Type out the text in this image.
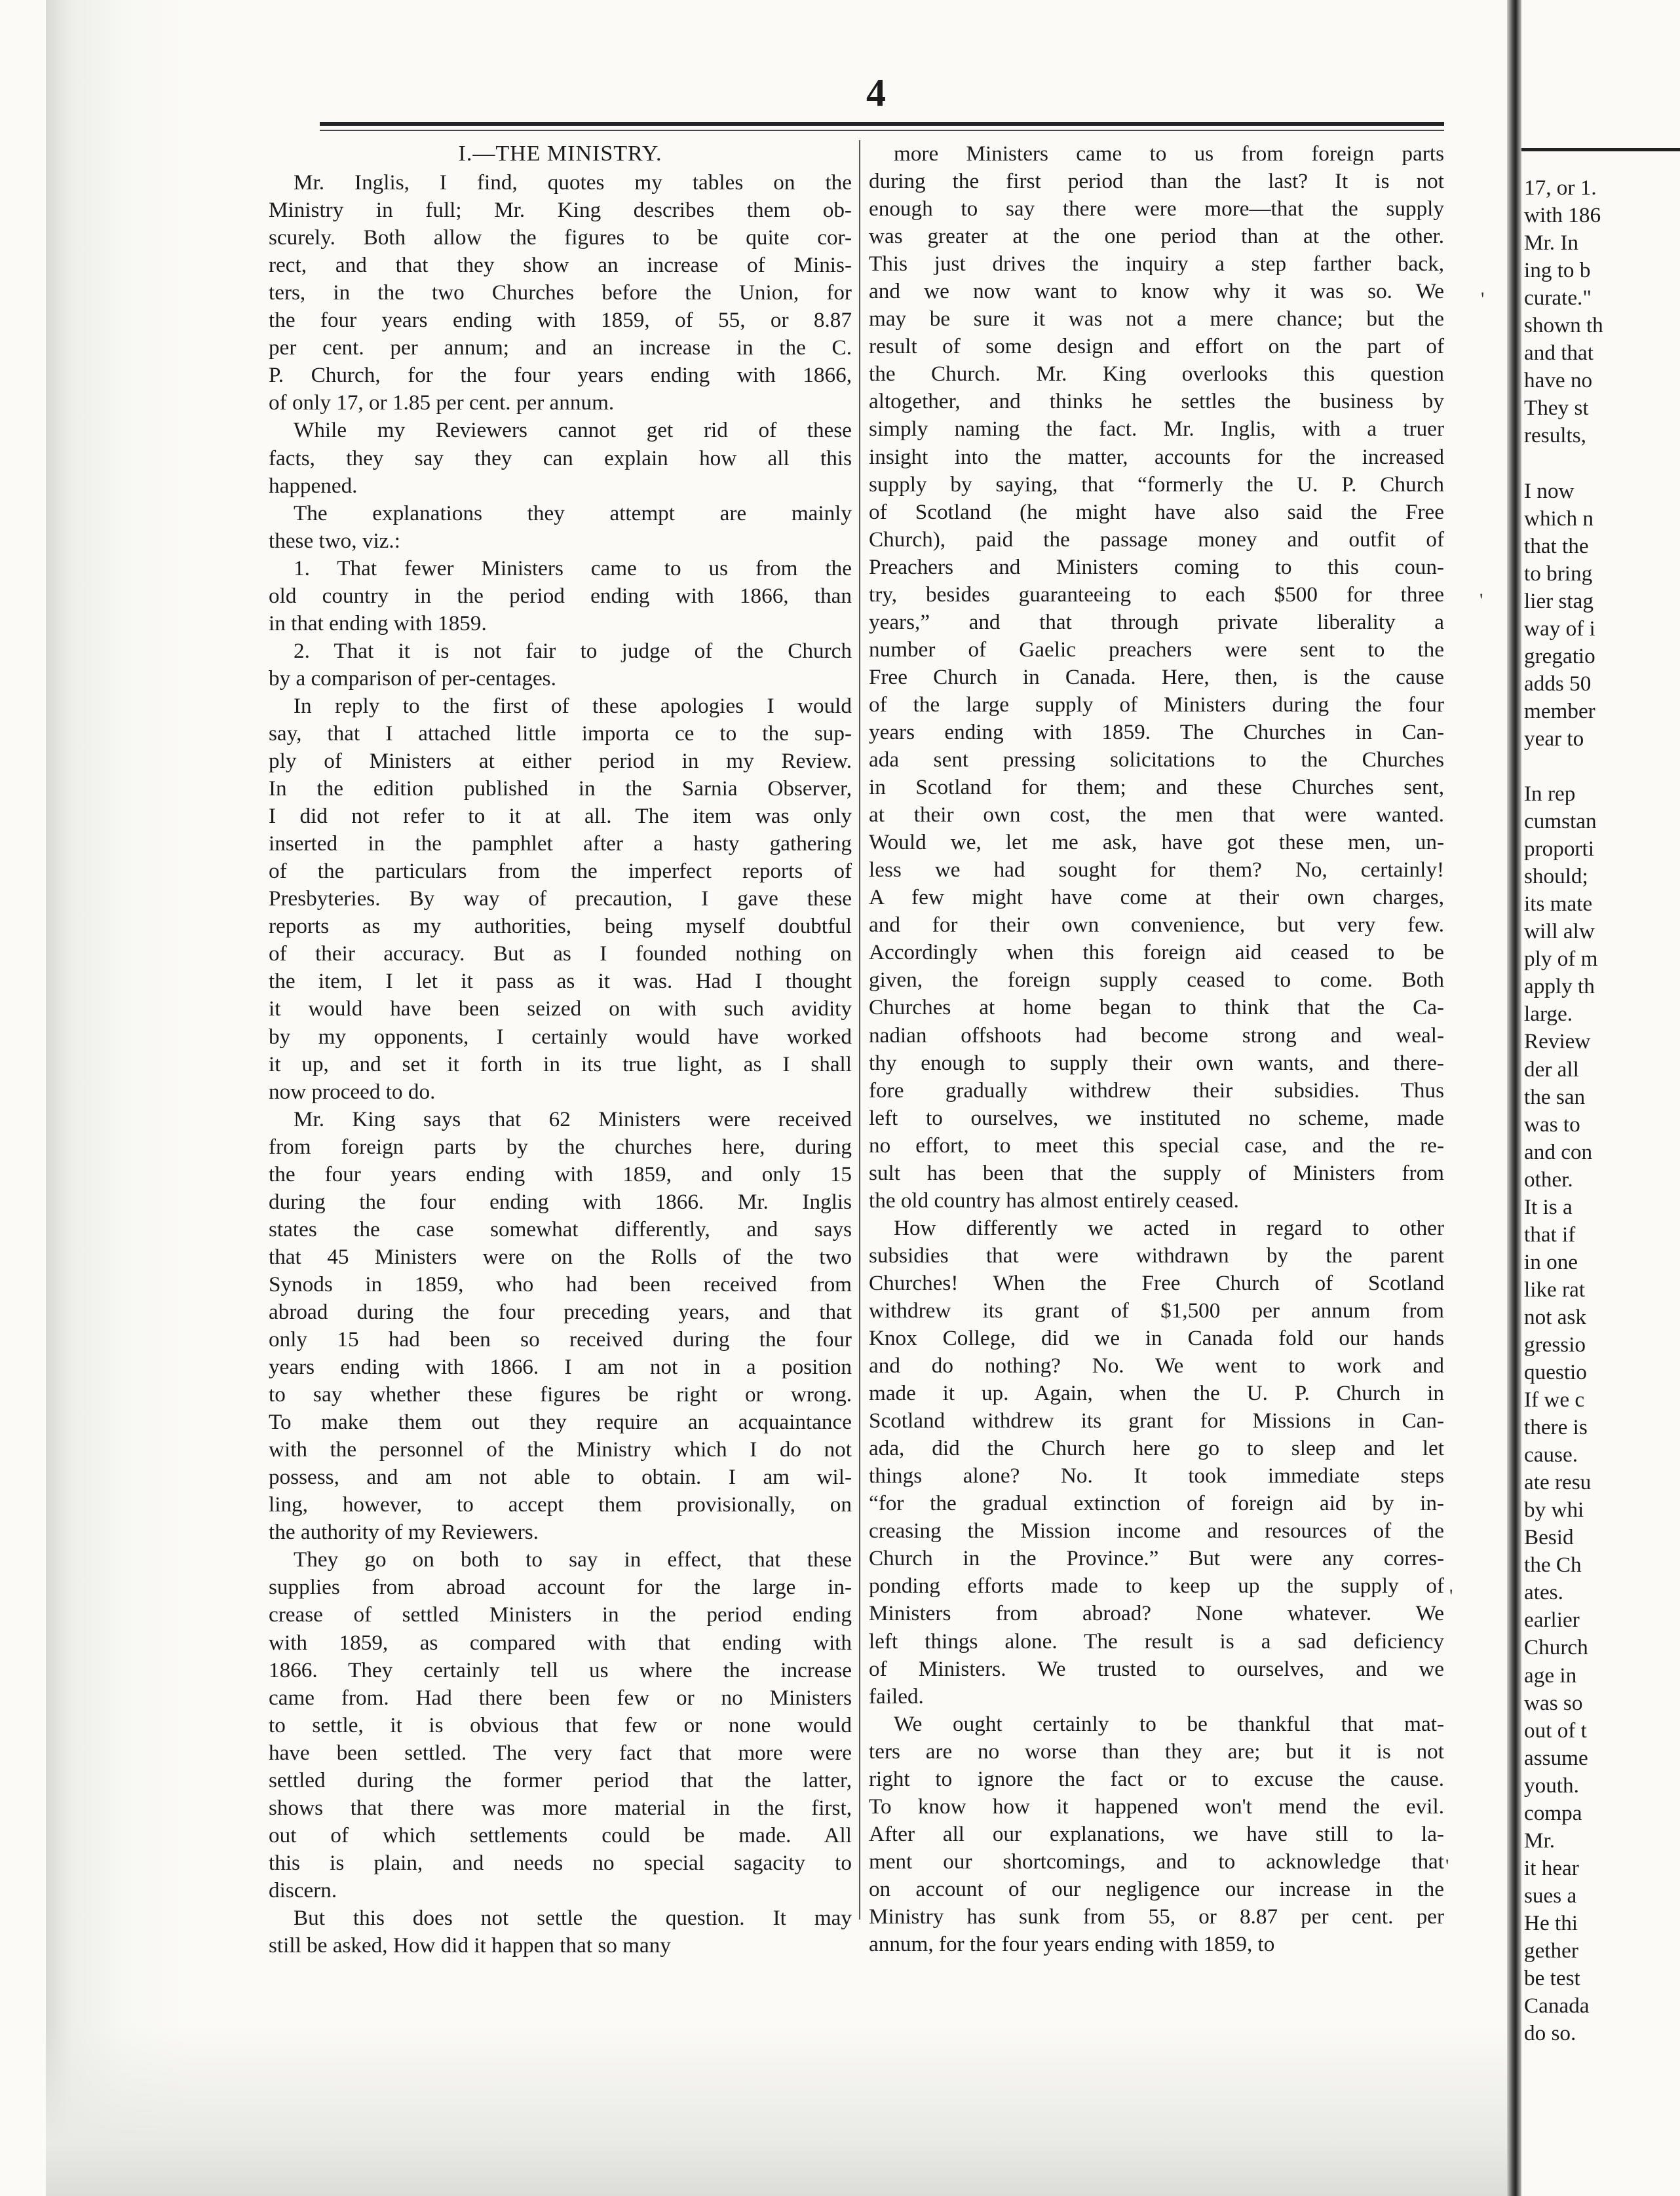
4
I.—THE MINISTRY.

Mr. Inglis, I find, quotes my tables on the
Ministry in full; Mr. King describes them ob-
scurely. Both allow the figures to be quite cor-
rect, and that they show an increase of Minis-
ters, in the two Churches before the Union, for
the four years ending with 1859, of 55, or 8.87
per cent. per annum; and an increase in the C.
P. Church, for the four years ending with 1866,
of only 17, or 1.85 per cent. per annum.

While my Reviewers cannot get rid of these
facts, they say they can explain how all this
happened.

The explanations they attempt are mainly
these two, viz.:

1. That fewer Ministers came to us from the
old country in the period ending with 1866, than
in that ending with 1859.

2. That it is not fair to judge of the Church
by a comparison of per-centages.

In reply to the first of these apologies I would
say, that I attached little importa ce to the sup-
ply of Ministers at either period in my Review.
In the edition published in the Sarnia Observer,
I did not refer to it at all. The item was only
inserted in the pamphlet after a hasty gathering
of the particulars from the imperfect reports of
Presbyteries. By way of precaution, I gave these
reports as my authorities, being myself doubtful
of their accuracy. But as I founded nothing on
the item, I let it pass as it was. Had I thought
it would have been seized on with such avidity
by my opponents, I certainly would have worked
it up, and set it forth in its true light, as I shall
now proceed to do.

Mr. King says that 62 Ministers were received
from foreign parts by the churches here, during
the four years ending with 1859, and only 15
during the four ending with 1866. Mr. Inglis
states the case somewhat differently, and says
that 45 Ministers were on the Rolls of the two
Synods in 1859, who had been received from
abroad during the four preceding years, and that
only 15 had been so received during the four
years ending with 1866. I am not in a position
to say whether these figures be right or wrong.
To make them out they require an acquaintance
with the personnel of the Ministry which I do not
possess, and am not able to obtain. I am wil-
ling, however, to accept them provisionally, on
the authority of my Reviewers.

They go on both to say in effect, that these
supplies from abroad account for the large in-
crease of settled Ministers in the period ending
with 1859, as compared with that ending with
1866. They certainly tell us where the increase
came from. Had there been few or no Ministers
to settle, it is obvious that few or none would
have been settled. The very fact that more were
settled during the former period that the latter,
shows that there was more material in the first,
out of which settlements could be made. All
this is plain, and needs no special sagacity to
discern.

But this does not settle the question. It may
still be asked, How did it happen that so many

more Ministers came to us from foreign parts
during the first period than the last? It is not
enough to say there were more—that the supply
was greater at the one period than at the other.
This just drives the inquiry a step farther back,
and we now want to know why it was so. We
may be sure it was not a mere chance; but the
result of some design and effort on the part of
the Church. Mr. King overlooks this question
altogether, and thinks he settles the business by
simply naming the fact. Mr. Inglis, with a truer
insight into the matter, accounts for the increased
supply by saying, that “formerly the U. P. Church
of Scotland (he might have also said the Free
Church), paid the passage money and outfit of
Preachers and Ministers coming to this coun-
try, besides guaranteeing to each $500 for three
years,” and that through private liberality a
number of Gaelic preachers were sent to the
Free Church in Canada. Here, then, is the cause
of the large supply of Ministers during the four
years ending with 1859. The Churches in Can-
ada sent pressing solicitations to the Churches
in Scotland for them; and these Churches sent,
at their own cost, the men that were wanted.
Would we, let me ask, have got these men, un-
less we had sought for them? No, certainly!
A few might have come at their own charges,
and for their own convenience, but very few.
Accordingly when this foreign aid ceased to be
given, the foreign supply ceased to come. Both
Churches at home began to think that the Ca-
nadian offshoots had become strong and weal-
thy enough to supply their own wants, and there-
fore gradually withdrew their subsidies. Thus
left to ourselves, we instituted no scheme, made
no effort, to meet this special case, and the re-
sult has been that the supply of Ministers from
the old country has almost entirely ceased.

How differently we acted in regard to other
subsidies that were withdrawn by the parent
Churches! When the Free Church of Scotland
withdrew its grant of $1,500 per annum from
Knox College, did we in Canada fold our hands
and do nothing? No. We went to work and
made it up. Again, when the U. P. Church in
Scotland withdrew its grant for Missions in Can-
ada, did the Church here go to sleep and let
things alone? No. It took immediate steps
“for the gradual extinction of foreign aid by in-
creasing the Mission income and resources of the
Church in the Province.” But were any corres-
ponding efforts made to keep up the supply of
Ministers from abroad? None whatever. We
left things alone. The result is a sad deficiency
of Ministers. We trusted to ourselves, and we
failed.

We ought certainly to be thankful that mat-
ters are no worse than they are; but it is not
right to ignore the fact or to excuse the cause.
To know how it happened won't mend the evil.
After all our explanations, we have still to la-
ment our shortcomings, and to acknowledge that
on account of our negligence our increase in the
Ministry has sunk from 55, or 8.87 per cent. per
annum, for the four years ending with 1859, to

17, or 1.
with 186
Mr. In
ing to b
curate."
shown th
and that
have no
They st
results,

I now
which n
that the
to bring
lier stag
way of i
gregatio
adds 50
member
year to

In rep
cumstan
proporti
should;
its mate
will alw
ply of m
apply th
large.
Review
der all
the san
was to
and con
other.
It is a
that if
in one
like rat
not ask
gressio
questio
If we c
there is
cause.
ate resu
by whi
Besid
the Ch
ates.
earlier
Church
age in
was so
out of t
assume
youth.
compa
Mr.
it hear
sues a
He thi
gether
be test
Canada
do so.
'
'
'
'
